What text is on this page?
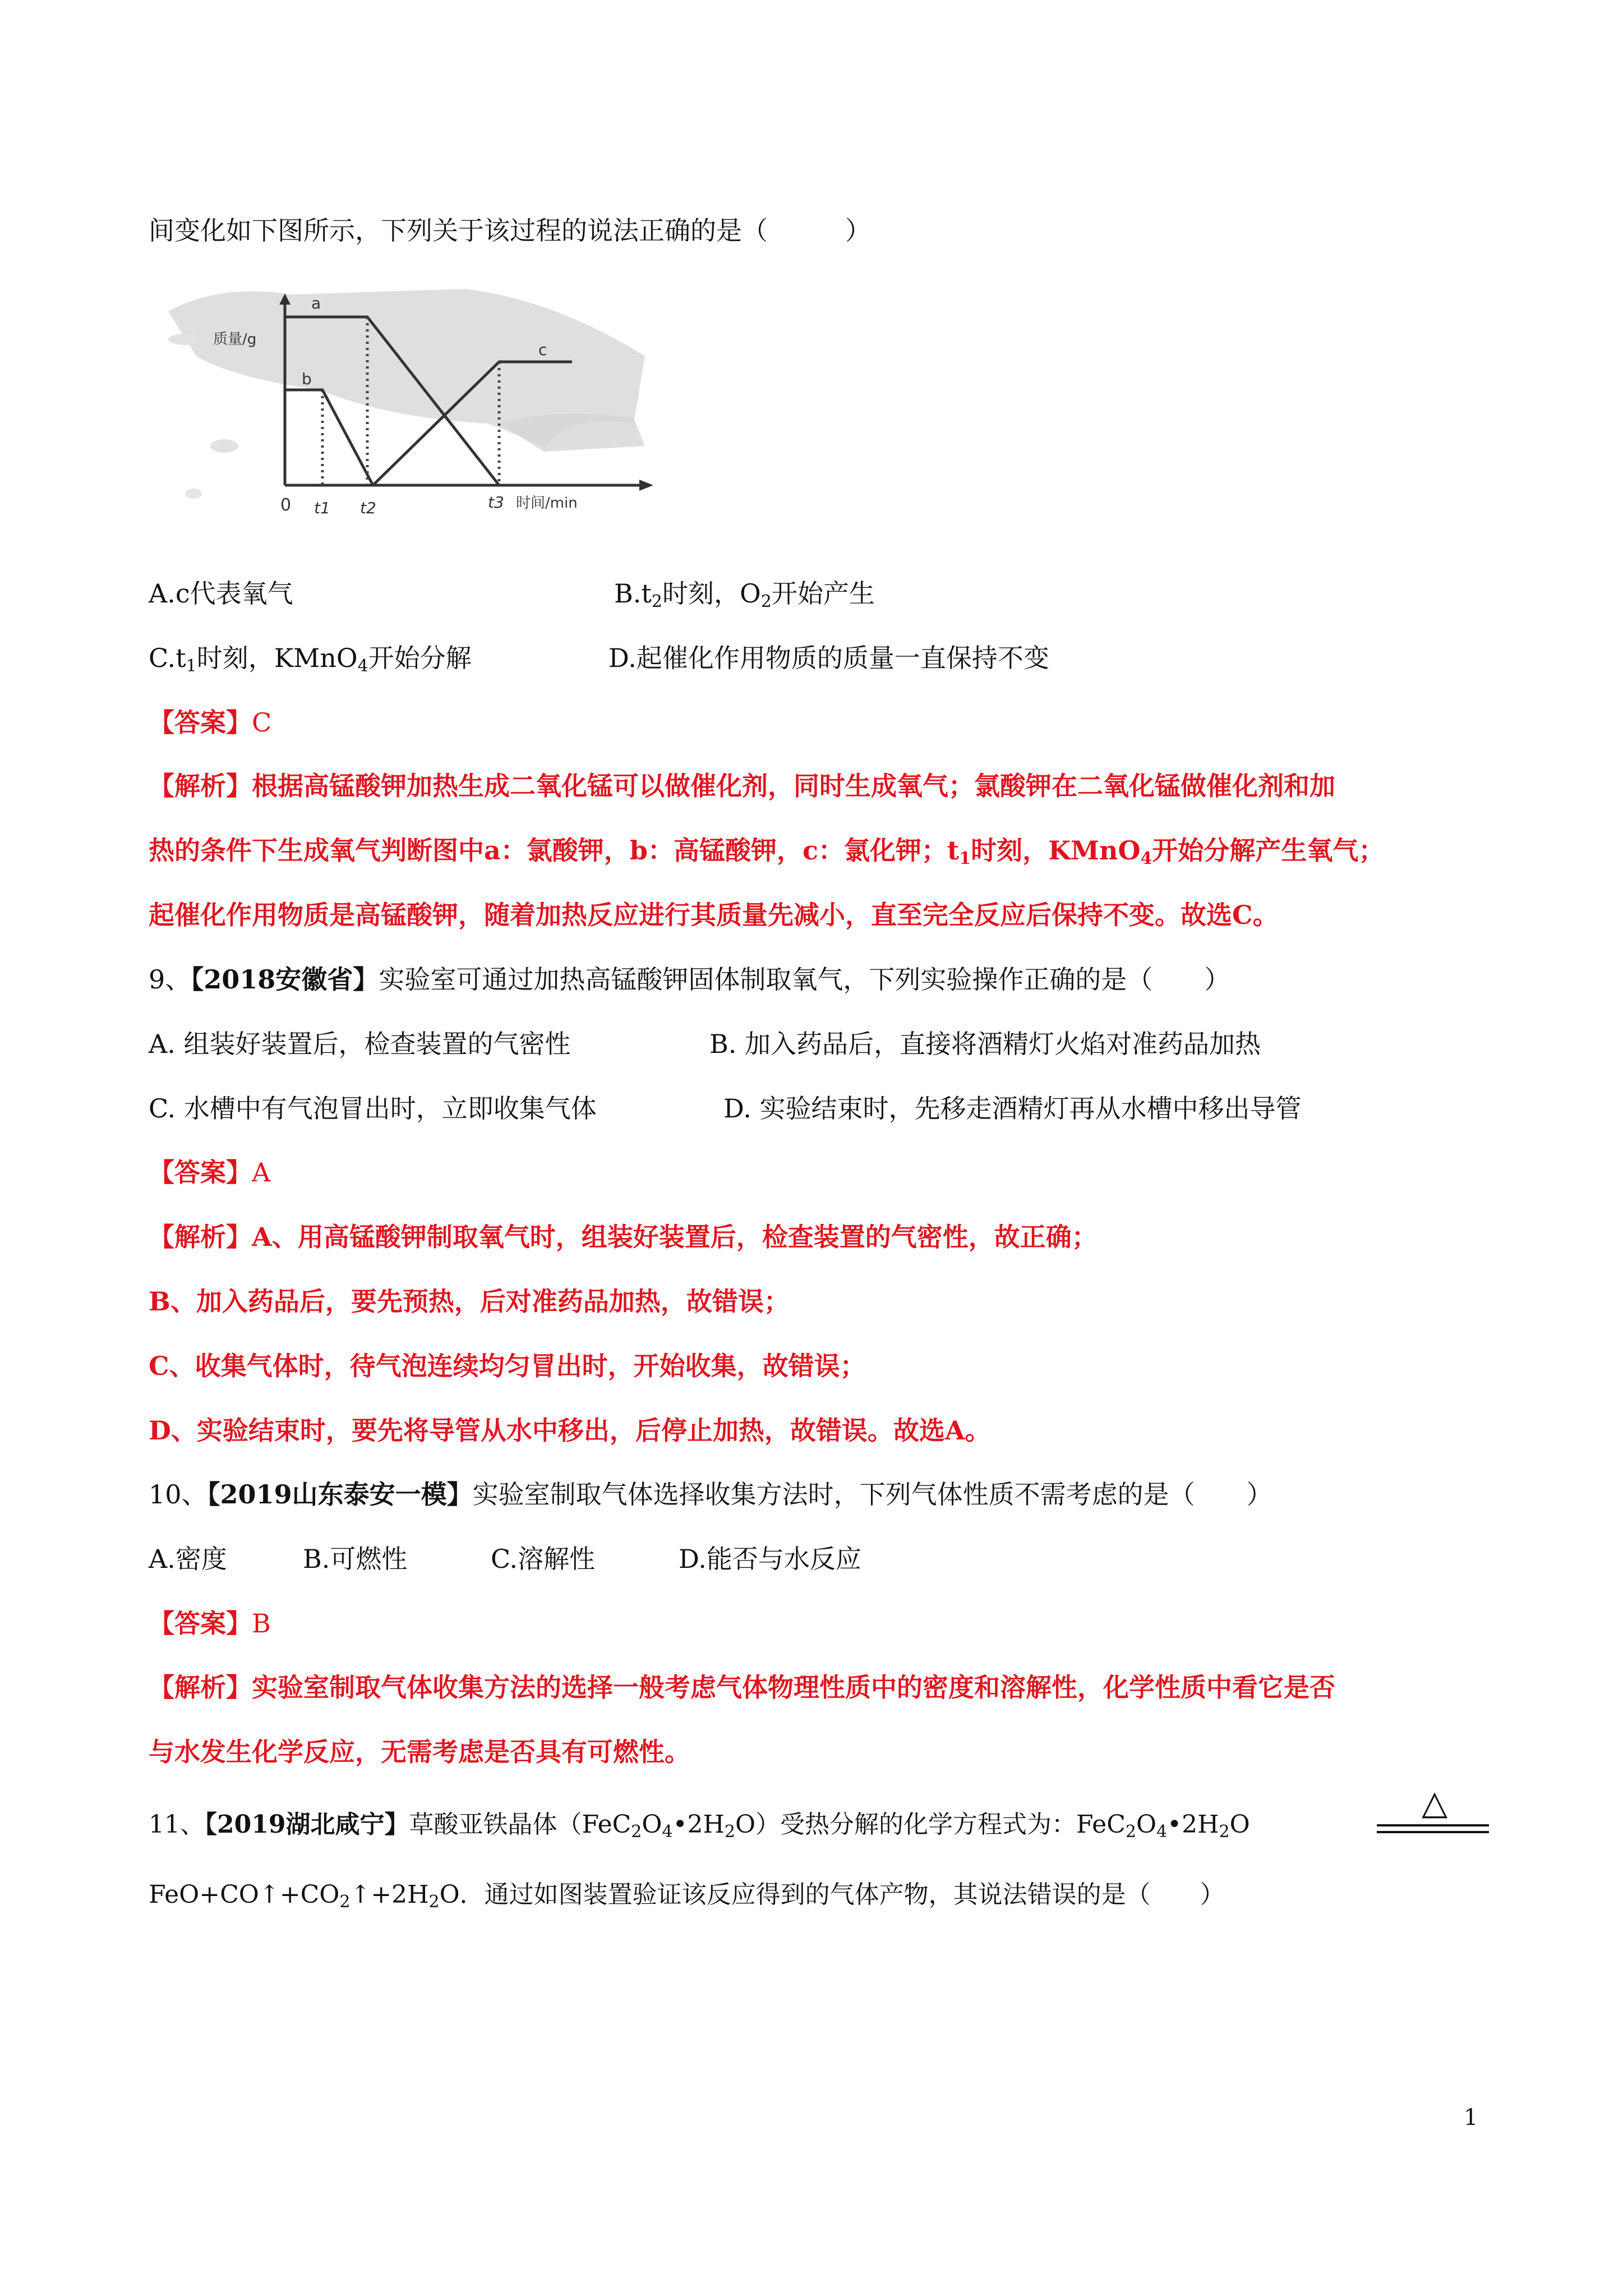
间变化如下图所示，下列关于该过程的说法正确的是（　　　）
质量/g
a
b
c
0 t1 t2	t3 时间/min
A.c代表氧气	$B.t_2$时刻，$O_2$开始产生
$C.t_1$时刻，KMnO$_4$开始分解	D.起催化作用物质的质量一直保持不变
【答案】C
【解析】根据高锰酸钾加热生成二氧化锰可以做催化剂，同时生成氧气；氯酸钾在二氧化锰做催化剂和加
热的条件下生成氧气判断图中a：氯酸钾，b：高锰酸钾，c：氯化钾；$t_1$时刻，KMnO$_4$开始分解产生氧气；
起催化作用物质是高锰酸钾，随着加热反应进行其质量先减小，直至完全反应后保持不变。故选C。
9、【2018安徽省】实验室可通过加热高锰酸钾固体制取氧气，下列实验操作正确的是（　　）
A. 组装好装置后，检查装置的气密性	B. 加入药品后，直接将酒精灯火焰对准药品加热
C. 水槽中有气泡冒出时，立即收集气体	D. 实验结束时，先移走酒精灯再从水槽中移出导管
【答案】A
【解析】A、用高锰酸钾制取氧气时，组装好装置后，检查装置的气密性，故正确；
B、加入药品后，要先预热，后对准药品加热，故错误；
C、收集气体时，待气泡连续均匀冒出时，开始收集，故错误；
D、实验结束时，要先将导管从水中移出，后停止加热，故错误。故选A。
10、【2019山东泰安一模】实验室制取气体选择收集方法时，下列气体性质不需考虑的是（　　）
A.密度	B.可燃性	C.溶解性	D.能否与水反应
【答案】B
【解析】实验室制取气体收集方法的选择一般考虑气体物理性质中的密度和溶解性，化学性质中看它是否
与水发生化学反应，无需考虑是否具有可燃性。
11、【2019湖北咸宁】草酸亚铁晶体$(FeC_2O_4•2H_2O)$受热分解的化学方程式为：$FeC_2O_4•2H_2O$
△
$FeO+CO↑+CO_2↑+2H_2O$．通过如图装置验证该反应得到的气体产物，其说法错误的是（　　）
1
